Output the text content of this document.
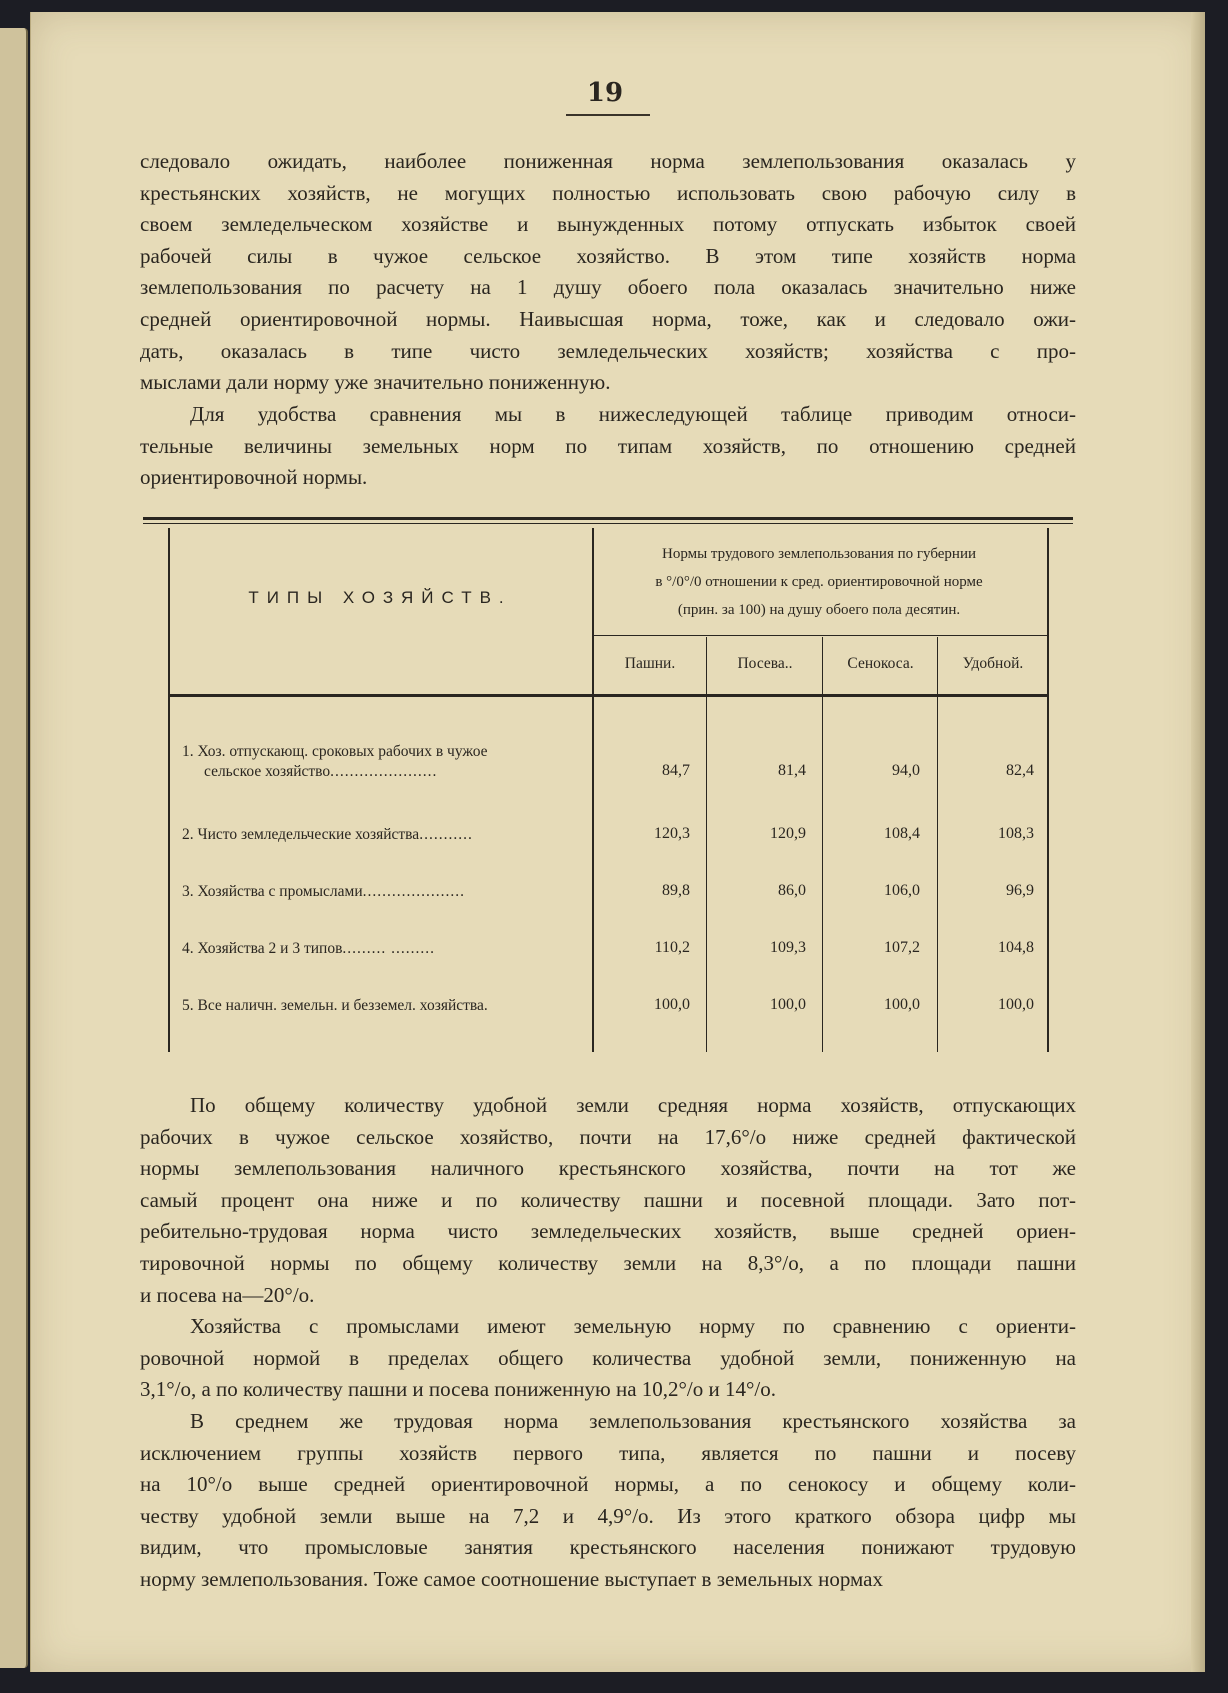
19
следовало ожидать, наиболее пониженная норма землепользования оказалась у
крестьянских хозяйств, не могущих полностью использовать свою рабочую силу в
своем земледельческом хозяйстве и вынужденных потому отпускать избыток своей
рабочей силы в чужое сельское хозяйство. В этом типе хозяйств норма
землепользования по расчету на 1 душу обоего пола оказалась значительно ниже
средней ориентировочной нормы. Наивысшая норма, тоже, как и следовало ожи-
дать, оказалась в типе чисто земледельческих хозяйств; хозяйства с про-
мыслами дали норму уже значительно пониженную.
Для удобства сравнения мы в нижеследующей таблице приводим относи-
тельные величины земельных норм по типам хозяйств, по отношению средней
ориентировочной нормы.
ТИПЫ ХОЗЯЙСТВ.
Нормы трудового землепользования по губернии
в °/0°/0 отношении к сред. ориентировочной норме
(прин. за 100) на душу обоего пола десятин.
Пашни.	Посева..	Сенокоса.	Удобной.
1. Хоз. отпускающ. сроковых рабочих в чужое
сельское хозяйство......................	84,7	81,4	94,0	82,4
2. Чисто земледельческие хозяйства...........	120,3	120,9	108,4	108,3
3. Хозяйства с промыслами.....................	89,8	86,0	106,0	96,9
4. Хозяйства 2 и 3 типов......... .........	110,2	109,3	107,2	104,8
5. Все наличн. земельн. и безземел. хозяйства.	100,0	100,0	100,0	100,0
По общему количеству удобной земли средняя норма хозяйств, отпускающих
рабочих в чужое сельское хозяйство, почти на 17,6°/о ниже средней фактической
нормы землепользования наличного крестьянского хозяйства, почти на тот же
самый процент она ниже и по количеству пашни и посевной площади. Зато пот-
ребительно-трудовая норма чисто земледельческих хозяйств, выше средней ориен-
тировочной нормы по общему количеству земли на 8,3°/о, а по площади пашни
и посева на—20°/о.
Хозяйства с промыслами имеют земельную норму по сравнению с ориенти-
ровочной нормой в пределах общего количества удобной земли, пониженную на
3,1°/о, а по количеству пашни и посева пониженную на 10,2°/о и 14°/о.
В среднем же трудовая норма землепользования крестьянского хозяйства за
исключением группы хозяйств первого типа, является по пашни и посеву
на 10°/о выше средней ориентировочной нормы, а по сенокосу и общему коли-
честву удобной земли выше на 7,2 и 4,9°/о. Из этого краткого обзора цифр мы
видим, что промысловые занятия крестьянского населения понижают трудовую
норму землепользования. Тоже самое соотношение выступает в земельных нормах
